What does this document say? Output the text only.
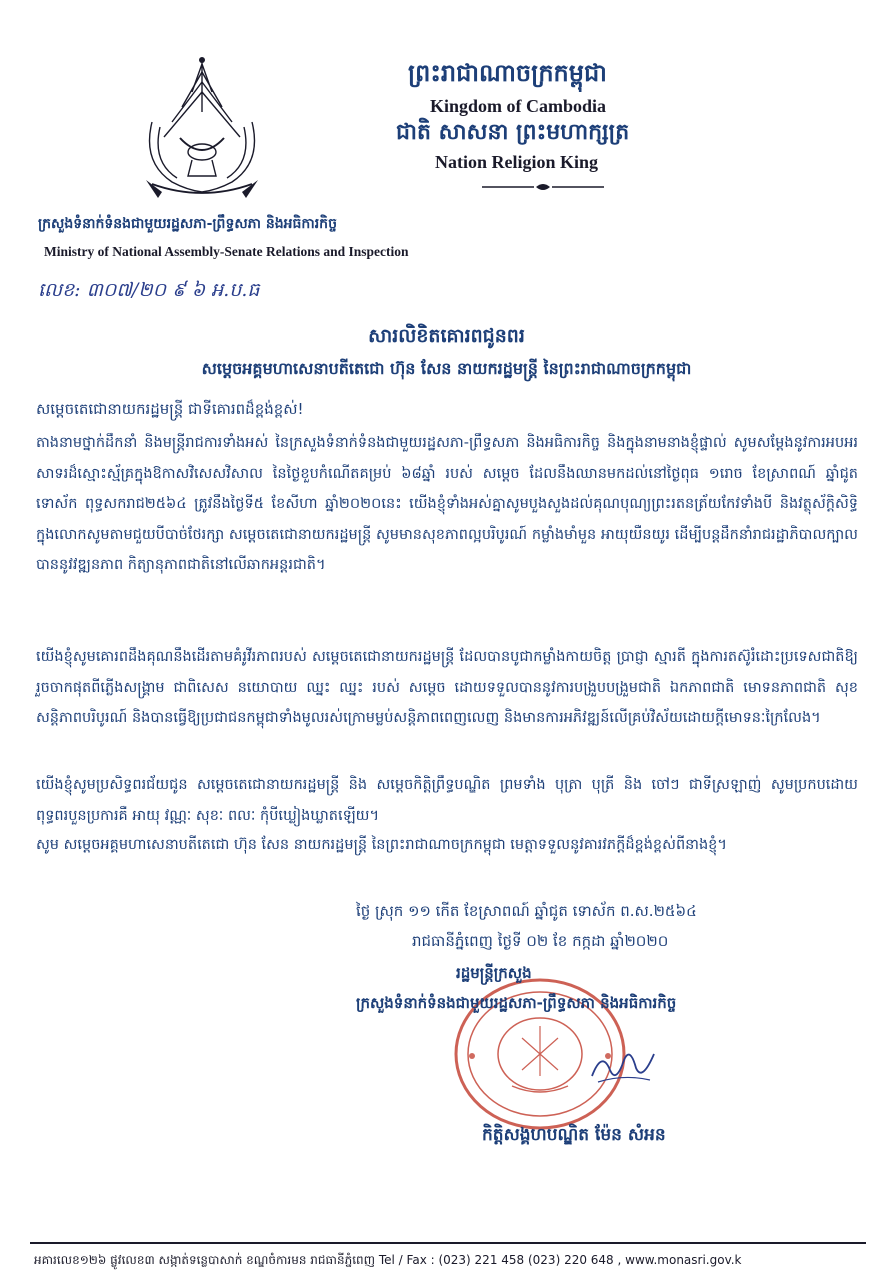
ក្រសួងទំនាក់ទំនងជាមួយរដ្ឋសភា-ព្រឹទ្ធសភា និងអធិការកិច្ច
Ministry of National Assembly-Senate Relations and Inspection
ព្រះរាជាណាចក្រកម្ពុជា
Kingdom of Cambodia
ជាតិ សាសនា ព្រះមហាក្សត្រ
Nation Religion King
លេខ: ៣០៧/២០ ៩ ៦ អ.ប.ធ
សារលិខិតគោរពជូនពរ
សម្តេចអគ្គមហាសេនាបតីតេជោ ហ៊ុន សែន នាយករដ្ឋមន្ត្រី នៃព្រះរាជាណាចក្រកម្ពុជា
សម្តេចតេជោនាយករដ្ឋមន្ត្រី ជាទីគោរពដ៏ខ្ពង់ខ្ពស់!
តាងនាមថ្នាក់ដឹកនាំ និងមន្ត្រីរាជការទាំងអស់ នៃក្រសួងទំនាក់ទំនងជាមួយរដ្ឋសភា-ព្រឹទ្ធសភា និងអធិការកិច្ច និងក្នុងនាមនាងខ្ញុំផ្ទាល់ សូមសម្តែងនូវការអបអរសាទរដ៏ស្មោះស្ម័គ្រក្នុងឱកាសវិសេសវិសាល នៃថ្ងៃខួបកំណើតគម្រប់ ៦៨ឆ្នាំ របស់ សម្តេច ដែលនឹងឈានមកដល់នៅថ្ងៃពុធ ១រោច ខែស្រាពណ៍ ឆ្នាំជូត ទោស័ក ពុទ្ធសករាជ២៥៦៤ ត្រូវនឹងថ្ងៃទី៥ ខែសីហា ឆ្នាំ២០២០នេះ យើងខ្ញុំទាំងអស់គ្នាសូមបួងសួងដល់គុណបុណ្យព្រះរតនត្រ័យកែវទាំងបី និងវត្ថុស័ក្តិសិទ្ធិក្នុងលោកសូមតាមជួយបីបាច់ថែរក្សា សម្តេចតេជោនាយករដ្ឋមន្ត្រី សូមមានសុខភាពល្អបរិបូរណ៍ កម្លាំងមាំមួន អាយុយឺនយូរ ដើម្បីបន្តដឹកនាំរាជរដ្ឋាភិបាលក្បាលបាននូវវឌ្ឍនភាព កិត្យានុភាពជាតិនៅលើឆាកអន្តរជាតិ។
យើងខ្ញុំសូមគោរពដឹងគុណនឹងដើរតាមគំរូវីរភាពរបស់ សម្តេចតេជោនាយករដ្ឋមន្ត្រី ដែលបានបូជាកម្លាំងកាយចិត្ត ប្រាជ្ញា ស្មារតី ក្នុងការតស៊ូរំដោះប្រទេសជាតិឱ្យរួចចាកផុតពីភ្លើងសង្គ្រាម ជាពិសេស នយោបាយ ឈ្នះ ឈ្នះ របស់ សម្តេច ដោយទទួលបាននូវការបង្រួបបង្រួមជាតិ ឯកភាពជាតិ មោទនភាពជាតិ សុខសន្តិភាពបរិបូរណ៍ និងបានធ្វើឱ្យប្រជាជនកម្ពុជាទាំងមូលរស់ក្រោមម្លប់សន្តិភាពពេញលេញ និងមានការអភិវឌ្ឍន៍លើគ្រប់វិស័យដោយក្តីមោទនៈក្រៃលែង។
យើងខ្ញុំសូមប្រសិទ្ធពរជ័យជូន សម្តេចតេជោនាយករដ្ឋមន្ត្រី និង សម្តេចកិត្តិព្រឹទ្ធបណ្ឌិត ព្រមទាំង បុត្រា បុត្រី និង ចៅៗ ជាទីស្រឡាញ់ សូមប្រកបដោយពុទ្ធពរបួនប្រការគឺ អាយុ វណ្ណៈ សុខៈ ពលៈ កុំបីឃ្លៀងឃ្លាតឡើយ។
សូម សម្តេចអគ្គមហាសេនាបតីតេជោ ហ៊ុន សែន នាយករដ្ឋមន្ត្រី នៃព្រះរាជាណាចក្រកម្ពុជា មេត្តាទទួលនូវគារវភក្តីដ៏ខ្ពង់ខ្ពស់ពីនាងខ្ញុំ។
ថ្ងៃ ស្រុក ១១ កើត ខែស្រាពណ៍ ឆ្នាំជូត ទោស័ក ព.ស.២៥៦៤
រាជធានីភ្នំពេញ ថ្ងៃទី ០២ ខែ កក្កដា ឆ្នាំ២០២០
រដ្ឋមន្ត្រីក្រសួង
ក្រសួងទំនាក់ទំនងជាមួយរដ្ឋសភា-ព្រឹទ្ធសភា និងអធិការកិច្ច
កិត្តិសង្គហបណ្ឌិត ម៉ែន សំអន
អគារលេខ១២៦ ផ្លូវលេខ៣ សង្កាត់ទន្លេបាសាក់ ខណ្ឌចំការមន រាជធានីភ្នំពេញ Tel / Fax : (023) 221 458 (023) 220 648 , www.monasri.gov.k
